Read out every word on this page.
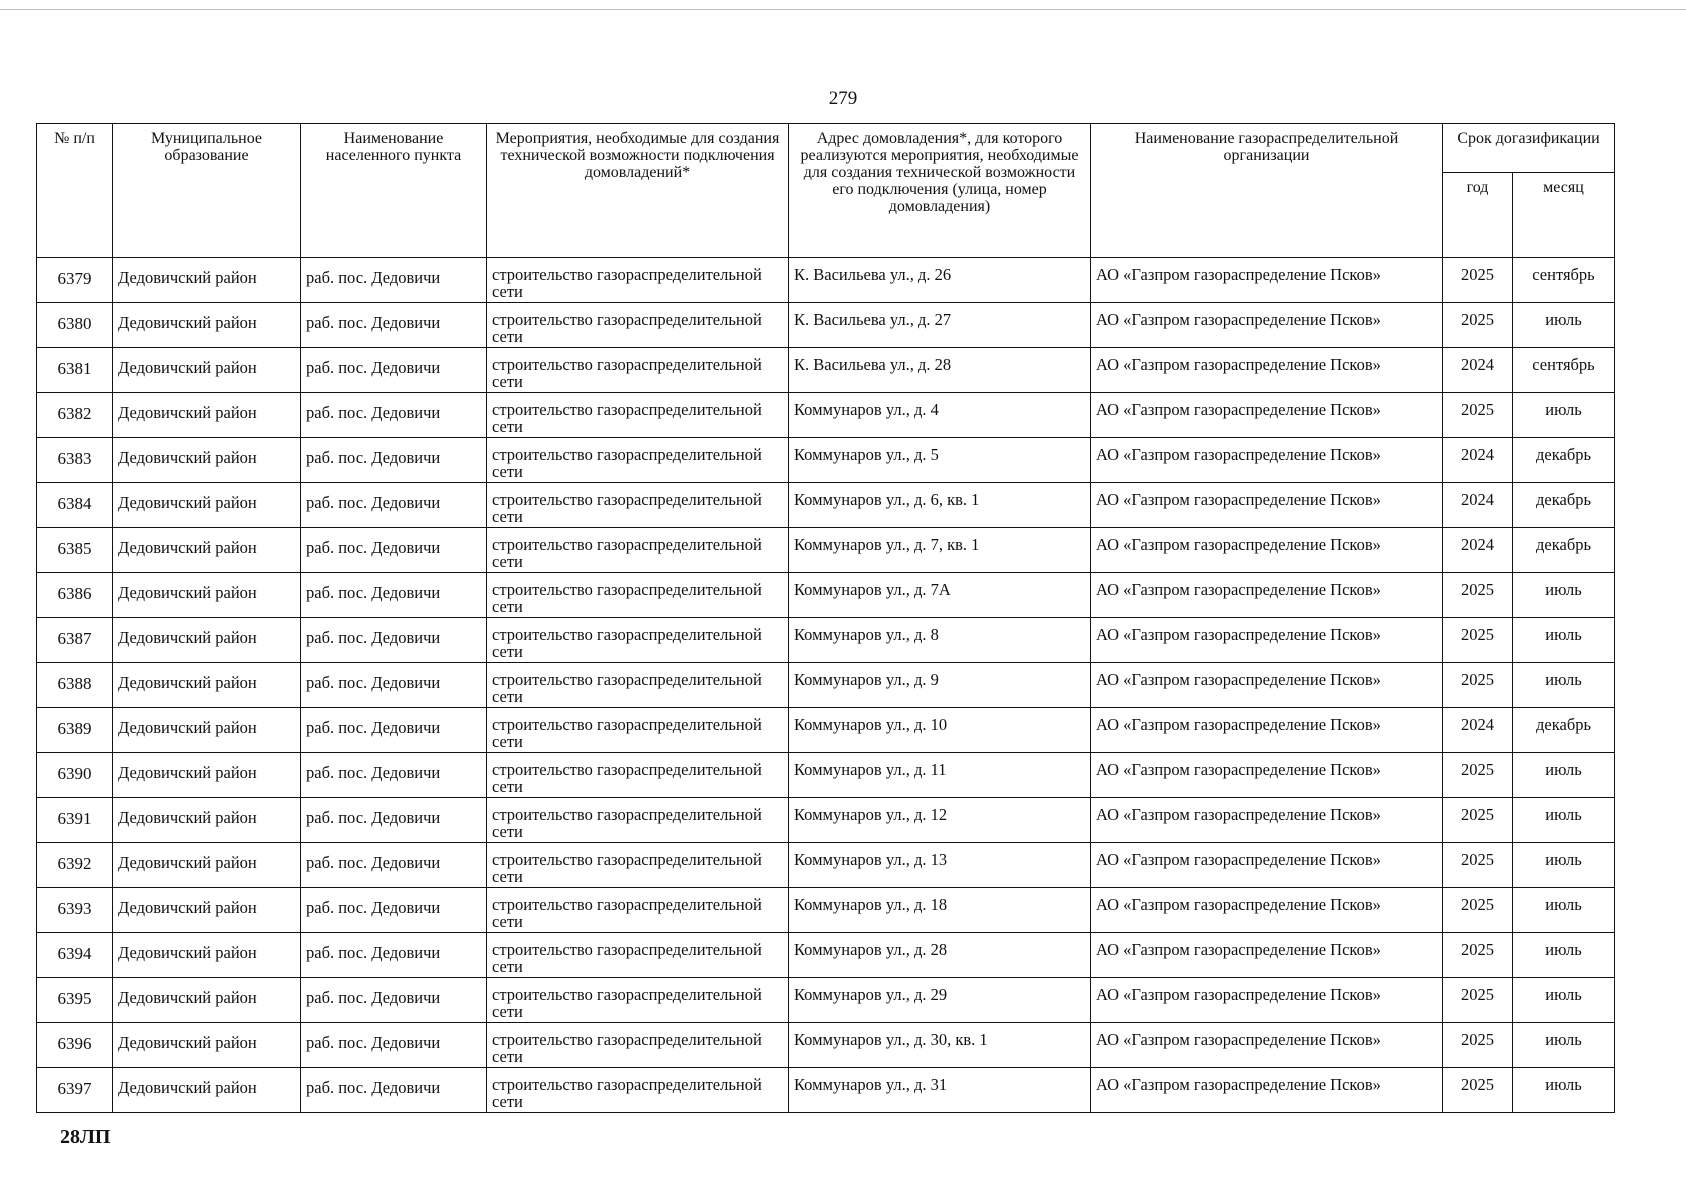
279
№ п/п	Муниципальное образование	Наименование населенного пункта	Мероприятия, необходимые для создания технической возможности подключения домовладений*	Адрес домовладения*, для которого реализуются мероприятия, необходимые для создания технической возможности его подключения (улица, номер домовладения)	Наименование газораспределительной организации	Срок догазификации	
						год	месяц
6379	Дедовичский район	раб. пос. Дедовичи	строительство газораспределительной сети	К. Васильева ул., д. 26	АО «Газпром газораспределение Псков»	2025	сентябрь
6380	Дедовичский район	раб. пос. Дедовичи	строительство газораспределительной сети	К. Васильева ул., д. 27	АО «Газпром газораспределение Псков»	2025	июль
6381	Дедовичский район	раб. пос. Дедовичи	строительство газораспределительной сети	К. Васильева ул., д. 28	АО «Газпром газораспределение Псков»	2024	сентябрь
6382	Дедовичский район	раб. пос. Дедовичи	строительство газораспределительной сети	Коммунаров ул., д. 4	АО «Газпром газораспределение Псков»	2025	июль
6383	Дедовичский район	раб. пос. Дедовичи	строительство газораспределительной сети	Коммунаров ул., д. 5	АО «Газпром газораспределение Псков»	2024	декабрь
6384	Дедовичский район	раб. пос. Дедовичи	строительство газораспределительной сети	Коммунаров ул., д. 6, кв. 1	АО «Газпром газораспределение Псков»	2024	декабрь
6385	Дедовичский район	раб. пос. Дедовичи	строительство газораспределительной сети	Коммунаров ул., д. 7, кв. 1	АО «Газпром газораспределение Псков»	2024	декабрь
6386	Дедовичский район	раб. пос. Дедовичи	строительство газораспределительной сети	Коммунаров ул., д. 7А	АО «Газпром газораспределение Псков»	2025	июль
6387	Дедовичский район	раб. пос. Дедовичи	строительство газораспределительной сети	Коммунаров ул., д. 8	АО «Газпром газораспределение Псков»	2025	июль
6388	Дедовичский район	раб. пос. Дедовичи	строительство газораспределительной сети	Коммунаров ул., д. 9	АО «Газпром газораспределение Псков»	2025	июль
6389	Дедовичский район	раб. пос. Дедовичи	строительство газораспределительной сети	Коммунаров ул., д. 10	АО «Газпром газораспределение Псков»	2024	декабрь
6390	Дедовичский район	раб. пос. Дедовичи	строительство газораспределительной сети	Коммунаров ул., д. 11	АО «Газпром газораспределение Псков»	2025	июль
6391	Дедовичский район	раб. пос. Дедовичи	строительство газораспределительной сети	Коммунаров ул., д. 12	АО «Газпром газораспределение Псков»	2025	июль
6392	Дедовичский район	раб. пос. Дедовичи	строительство газораспределительной сети	Коммунаров ул., д. 13	АО «Газпром газораспределение Псков»	2025	июль
6393	Дедовичский район	раб. пос. Дедовичи	строительство газораспределительной сети	Коммунаров ул., д. 18	АО «Газпром газораспределение Псков»	2025	июль
6394	Дедовичский район	раб. пос. Дедовичи	строительство газораспределительной сети	Коммунаров ул., д. 28	АО «Газпром газораспределение Псков»	2025	июль
6395	Дедовичский район	раб. пос. Дедовичи	строительство газораспределительной сети	Коммунаров ул., д. 29	АО «Газпром газораспределение Псков»	2025	июль
6396	Дедовичский район	раб. пос. Дедовичи	строительство газораспределительной сети	Коммунаров ул., д. 30, кв. 1	АО «Газпром газораспределение Псков»	2025	июль
6397	Дедовичский район	раб. пос. Дедовичи	строительство газораспределительной сети	Коммунаров ул., д. 31	АО «Газпром газораспределение Псков»	2025	июль
28ЛП
